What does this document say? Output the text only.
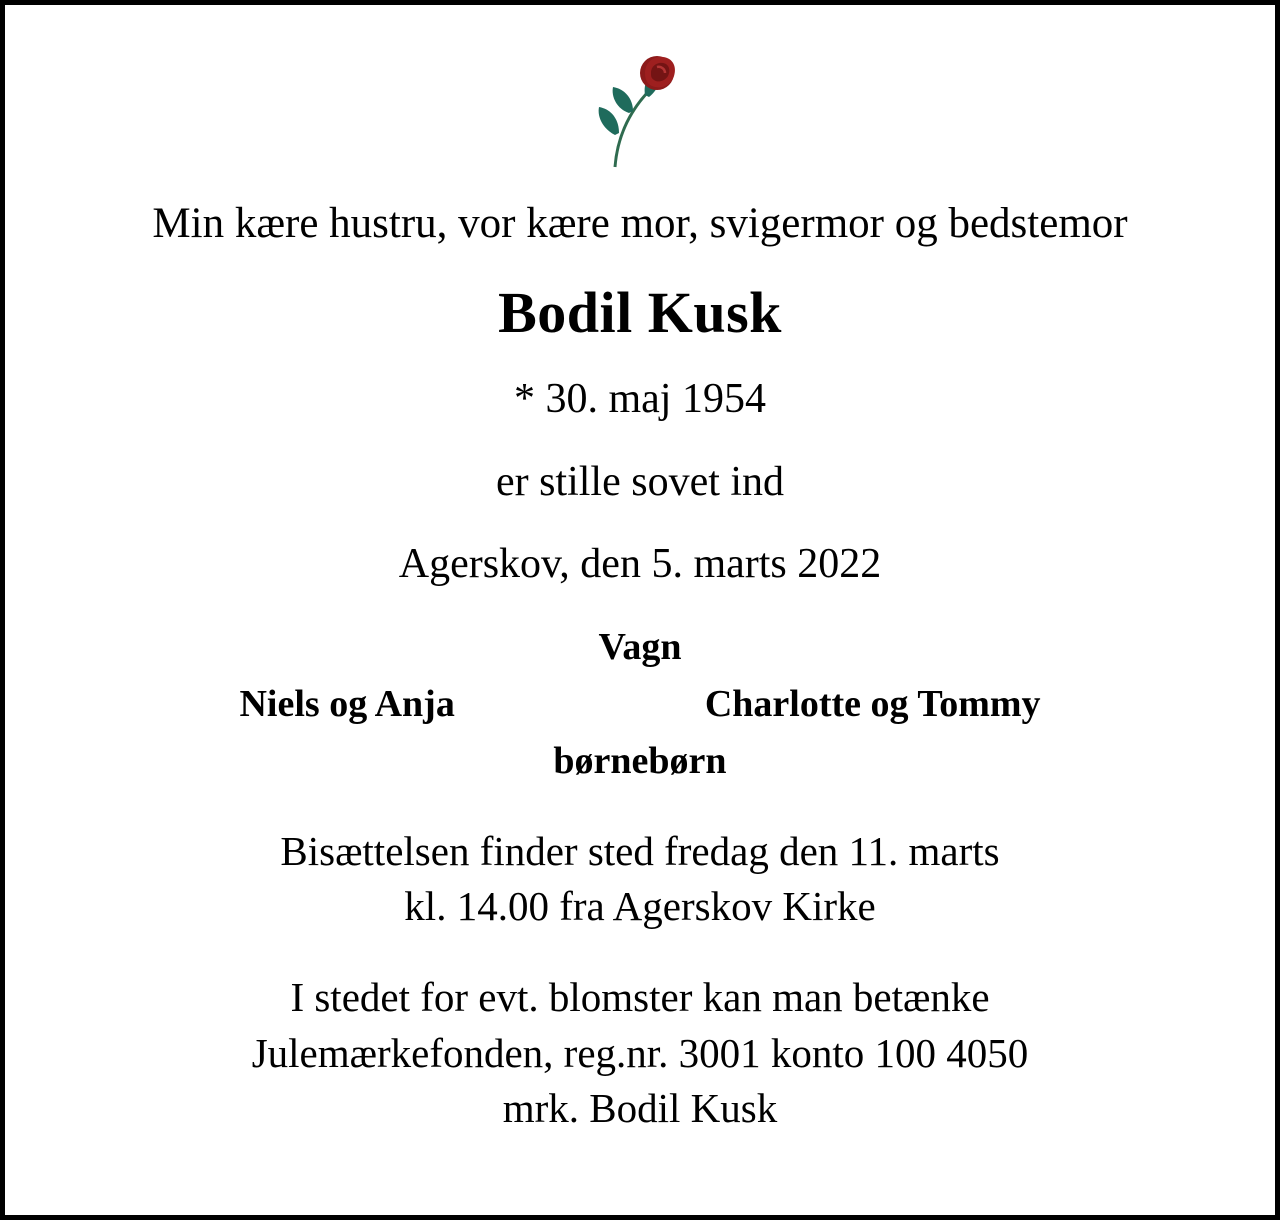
Min kære hustru, vor kære mor, svigermor og bedstemor
Bodil Kusk
* 30. maj 1954
er stille sovet ind
Agerskov, den 5. marts 2022
Vagn
Niels og Anja	Charlotte og Tommy
børnebørn
Bisættelsen finder sted fredag den 11. marts
kl. 14.00 fra Agerskov Kirke
I stedet for evt. blomster kan man betænke
Julemærkefonden, reg.nr. 3001 konto 100 4050
mrk. Bodil Kusk
